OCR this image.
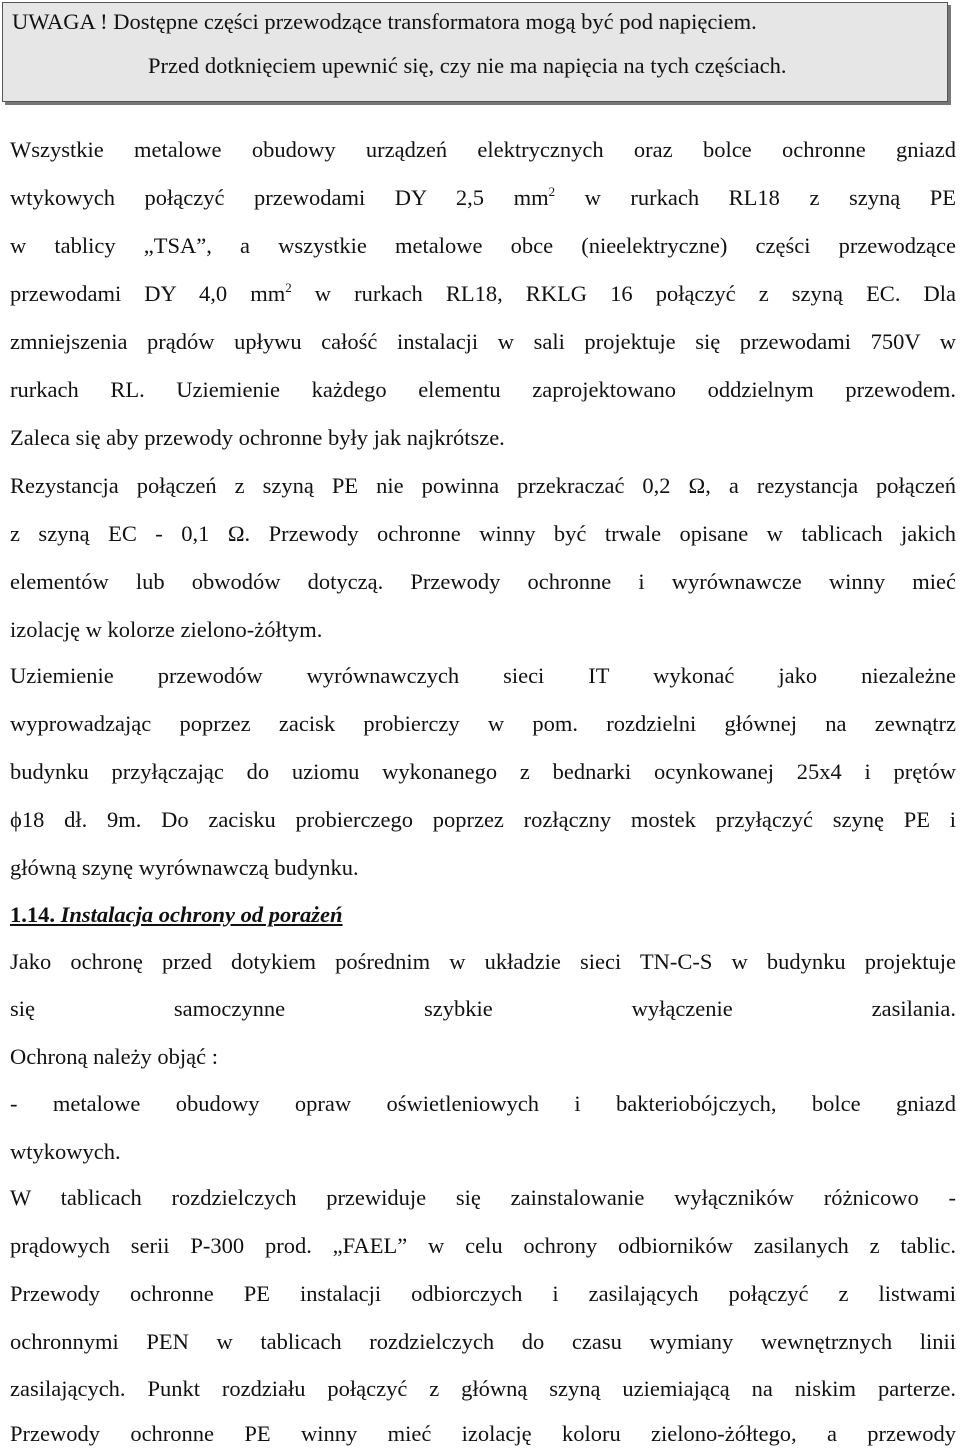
UWAGA ! Dostępne części przewodzące transformatora mogą być pod napięciem.
Przed dotknięciem upewnić się, czy nie ma napięcia na tych częściach.
Wszystkie metalowe obudowy urządzeń elektrycznych oraz bolce ochronne gniazd
wtykowych połączyć przewodami DY 2,5 $mm^2$ w rurkach RL18 z szyną PE
w tablicy „TSA”, a wszystkie metalowe obce (nieelektryczne) części przewodzące
przewodami DY 4,0 $mm^2$ w rurkach RL18, RKLG 16 połączyć z szyną EC. Dla
zmniejszenia prądów upływu całość instalacji w sali projektuje się przewodami 750V w
rurkach RL. Uziemienie każdego elementu zaprojektowano oddzielnym przewodem.
Zaleca się aby przewody ochronne były jak najkrótsze.
Rezystancja połączeń z szyną PE nie powinna przekraczać 0,2 Ω, a rezystancja połączeń
z szyną EC - 0,1 Ω. Przewody ochronne winny być trwale opisane w tablicach jakich
elementów lub obwodów dotyczą. Przewody ochronne i wyrównawcze winny mieć
izolację w kolorze zielono-żółtym.
Uziemienie przewodów wyrównawczych sieci IT wykonać jako niezależne
wyprowadzając poprzez zacisk probierczy w pom. rozdzielni głównej na zewnątrz
budynku przyłączając do uziomu wykonanego z bednarki ocynkowanej 25x4 i prętów
ϕ18 dł. 9m. Do zacisku probierczego poprzez rozłączny mostek przyłączyć szynę PE i
główną szynę wyrównawczą budynku.
1.14. Instalacja ochrony od porażeń
Jako ochronę przed dotykiem pośrednim w układzie sieci TN-C-S w budynku projektuje
się samoczynne szybkie wyłączenie zasilania.
Ochroną należy objąć :
- metalowe obudowy opraw oświetleniowych i bakteriobójczych, bolce gniazd
wtykowych.
W tablicach rozdzielczych przewiduje się zainstalowanie wyłączników różnicowo -
prądowych serii P-300 prod. „FAEL” w celu ochrony odbiorników zasilanych z tablic.
Przewody ochronne PE instalacji odbiorczych i zasilających połączyć z listwami
ochronnymi PEN w tablicach rozdzielczych do czasu wymiany wewnętrznych linii
zasilających. Punkt rozdziału połączyć z główną szyną uziemiającą na niskim parterze.
Przewody ochronne PE winny mieć izolację koloru zielono-żółtego, a przewody
